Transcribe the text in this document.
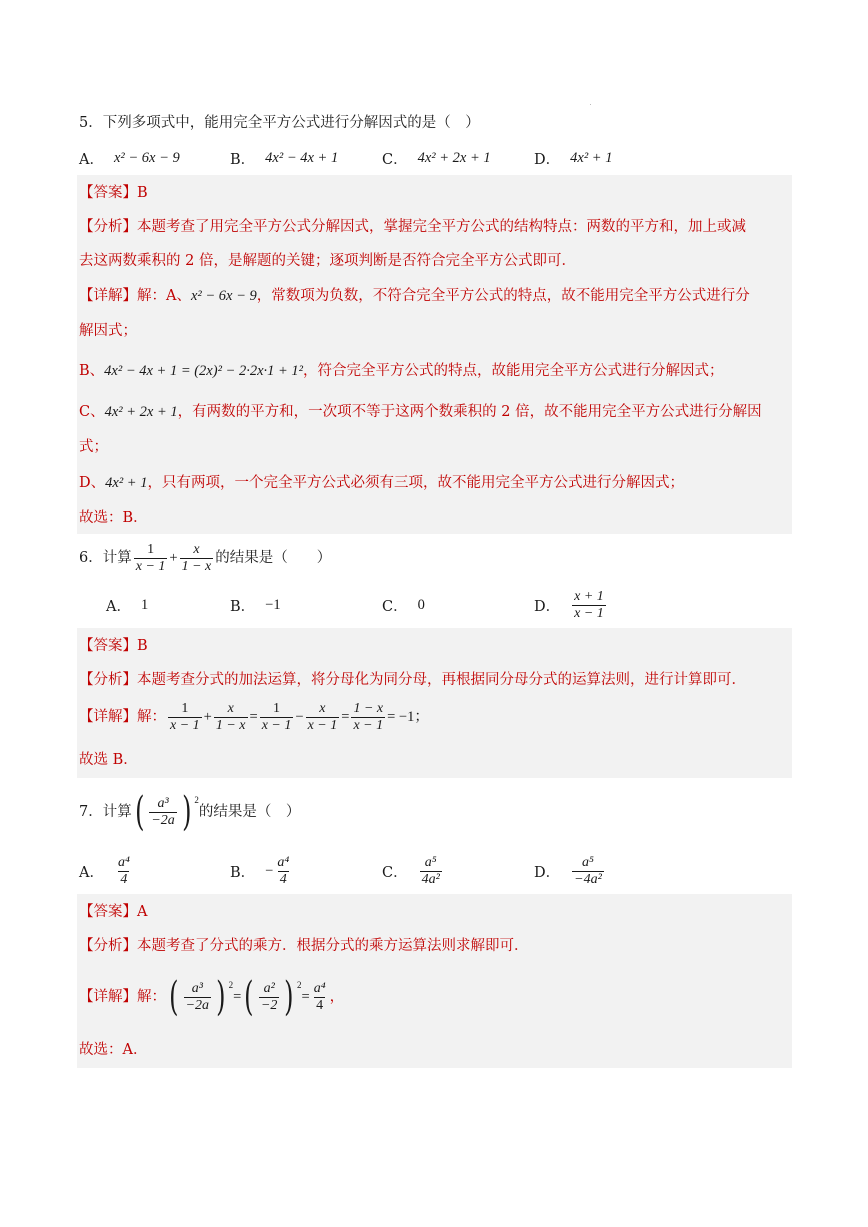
5．下列多项式中，能用完全平方公式进行分解因式的是（　）
A． x² − 6x − 9	B． 4x² − 4x + 1	C． 4x² + 2x + 1	D． 4x² + 1
【答案】B
【分析】本题考查了用完全平方公式分解因式，掌握完全平方公式的结构特点：两数的平方和，加上或减
去这两数乘积的 2 倍，是解题的关键；逐项判断是否符合完全平方公式即可．
【详解】解：A、x² − 6x − 9，常数项为负数，不符合完全平方公式的特点，故不能用完全平方公式进行分
解因式；
B、4x² − 4x + 1 = (2x)² − 2·2x·1 + 1²，符合完全平方公式的特点，故能用完全平方公式进行分解因式；
C、4x² + 2x + 1，有两数的平方和，一次项不等于这两个数乘积的 2 倍，故不能用完全平方公式进行分解因
式；
D、4x² + 1，只有两项，一个完全平方公式必须有三项，故不能用完全平方公式进行分解因式；
故选：B．
6．计算 $\frac{1}{x - 1} + \frac{x}{1 - x}$ 的结果是（　　）
A． 1	B． −1	C． 0	D． $\frac{x + 1}{x - 1}$
【答案】B
【分析】本题考查分式的加法运算，将分母化为同分母，再根据同分母分式的运算法则，进行计算即可．
【详解】 解： $\frac{1}{x - 1} + \frac{x}{1 - x} = \frac{1}{x - 1} - \frac{x}{x - 1} = \frac{1 - x}{x - 1} = -1$；
故选 B．
7．计算 ( $\frac{\text{a³}}{-2a}$ ) 2
的结果是（　）
A． $\frac{\text{a⁴}}{4}$	B． − $\frac{\text{a⁴}}{4}$	C． $\frac{\text{a⁵}}{\text{4a²}}$	D． $\frac{\text{a⁵}}{\text{−4a²}}$
【答案】A
【分析】本题考查了分式的乘方．根据分式的乘方运算法则求解即可．
【详解】 解： ( $\frac{\text{a³}}{-2a}$ ) 2
= ( $\frac{\text{a²}}{-2}$ ) 2
= $\frac{\text{a⁴}}{4}$ ，
故选：A．
